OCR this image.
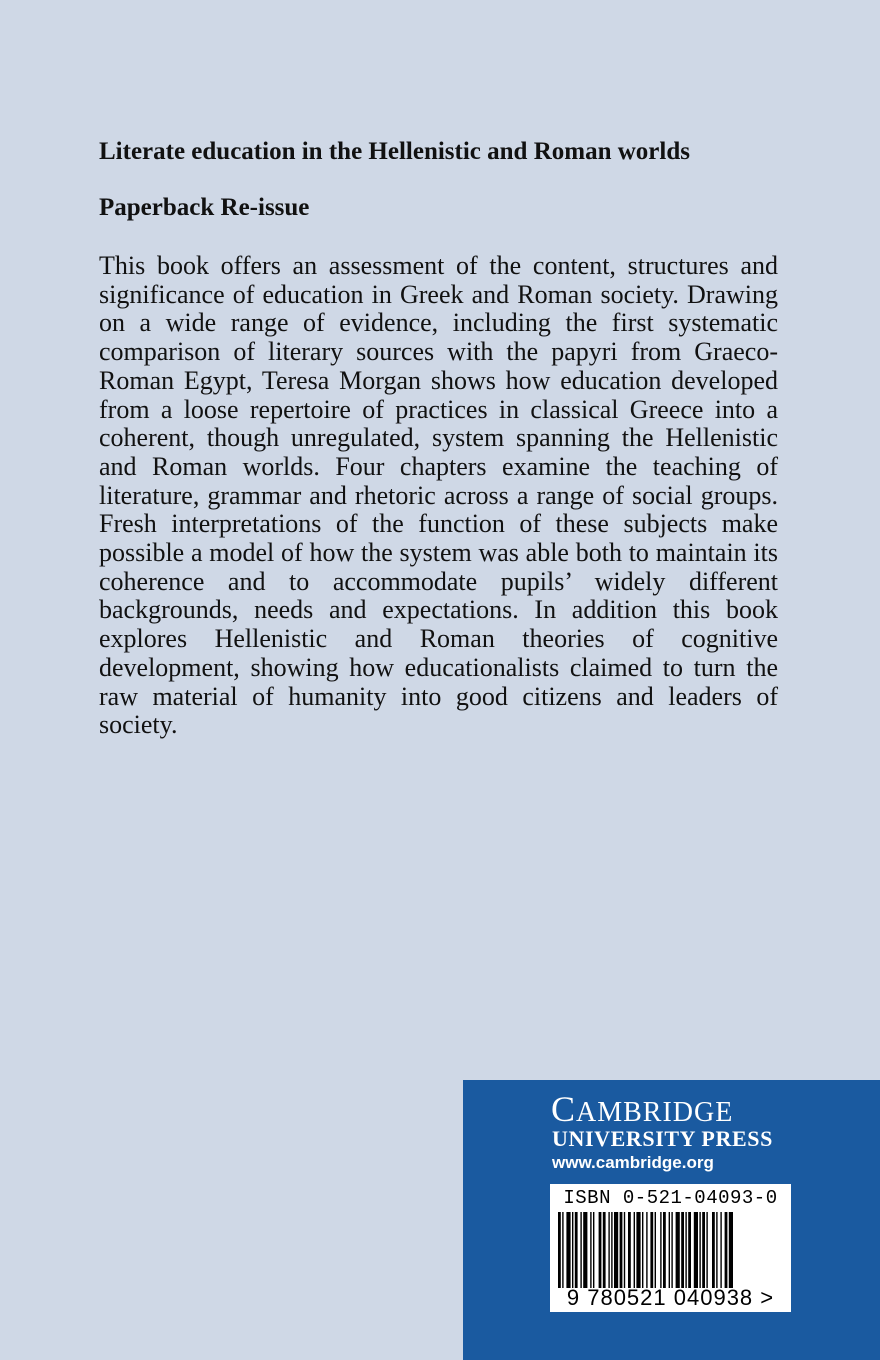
Literate education in the Hellenistic and Roman worlds
Paperback Re-issue
This book offers an assessment of the content, structures and significance of education in Greek and Roman society. Drawing on a wide range of evidence, including the first systematic comparison of literary sources with the papyri from Graeco-​Roman Egypt, Teresa Morgan shows how education developed from a loose repertoire of practices in classical Greece into a coherent, though unregulated, system spanning the Hellenistic and Roman worlds. Four chapters examine the teaching of literature, grammar and rhetoric across a range of social groups. Fresh interpretations of the function of these subjects make possible a model of how the system was able both to maintain its coherence and to accommodate pupils’ widely different backgrounds, needs and expectations. In addition this book explores Hellenistic and Roman theories of cognitive development, showing how educationalists claimed to turn the raw material of humanity into good citizens and leaders of society.
CAMBRIDGE
UNIVERSITY PRESS
www.cambridge.org
ISBN 0-521-04093-0
9 780521 040938 >
